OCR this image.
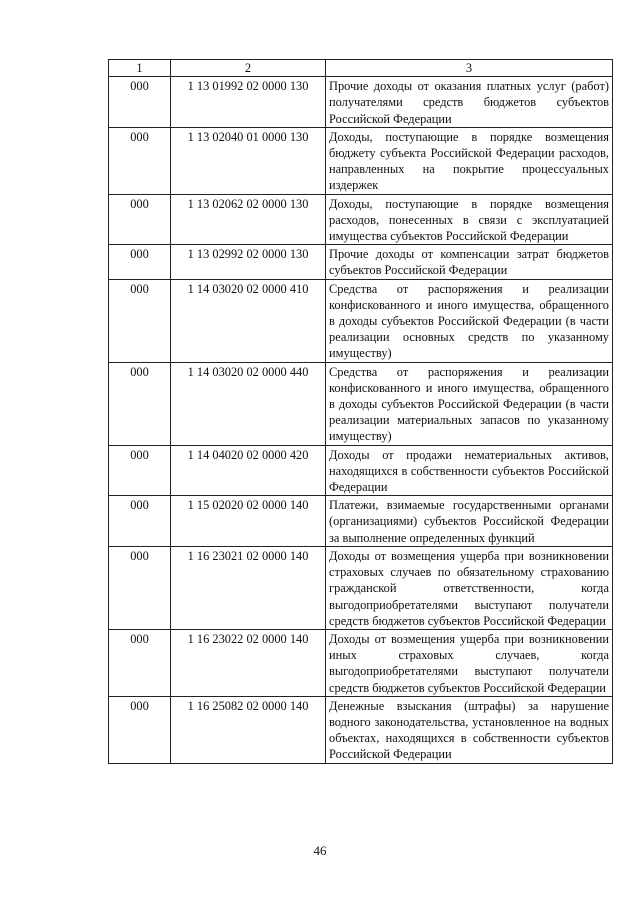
1	2	3
000	1 13 01992 02 0000 130	Прочие доходы от оказания платных услуг (работ) получателями средств бюджетов субъектов Российской Федерации
000	1 13 02040 01 0000 130	Доходы, поступающие в порядке возмещения бюджету субъекта Российской Федерации расходов, направленных на покрытие процессуальных издержек
000	1 13 02062 02 0000 130	Доходы, поступающие в порядке возмещения расходов, понесенных в связи с эксплуатацией имущества субъектов Российской Федерации
000	1 13 02992 02 0000 130	Прочие доходы от компенсации затрат бюджетов субъектов Российской Федерации
000	1 14 03020 02 0000 410	Средства от распоряжения и реализации конфискованного и иного имущества, обращенного в доходы субъектов Российской Федерации (в части реализации основных средств по указанному имуществу)
000	1 14 03020 02 0000 440	Средства от распоряжения и реализации конфискованного и иного имущества, обращенного в доходы субъектов Российской Федерации (в части реализации материальных запасов по указанному имуществу)
000	1 14 04020 02 0000 420	Доходы от продажи нематериальных активов, находящихся в собственности субъектов Российской Федерации
000	1 15 02020 02 0000 140	Платежи, взимаемые государственными органами (организациями) субъектов Российской Федерации за выполнение определенных функций
000	1 16 23021 02 0000 140	Доходы от возмещения ущерба при возникновении страховых случаев по обязательному страхованию гражданской ответственности, когда выгодоприобретателями выступают получатели средств бюджетов субъектов Российской Федерации
000	1 16 23022 02 0000 140	Доходы от возмещения ущерба при возникновении иных страховых случаев, когда выгодоприобретателями выступают получатели средств бюджетов субъектов Российской Федерации
000	1 16 25082 02 0000 140	Денежные взыскания (штрафы) за нарушение водного законодательства, установленное на водных объектах, находящихся в собственности субъектов Российской Федерации
46
